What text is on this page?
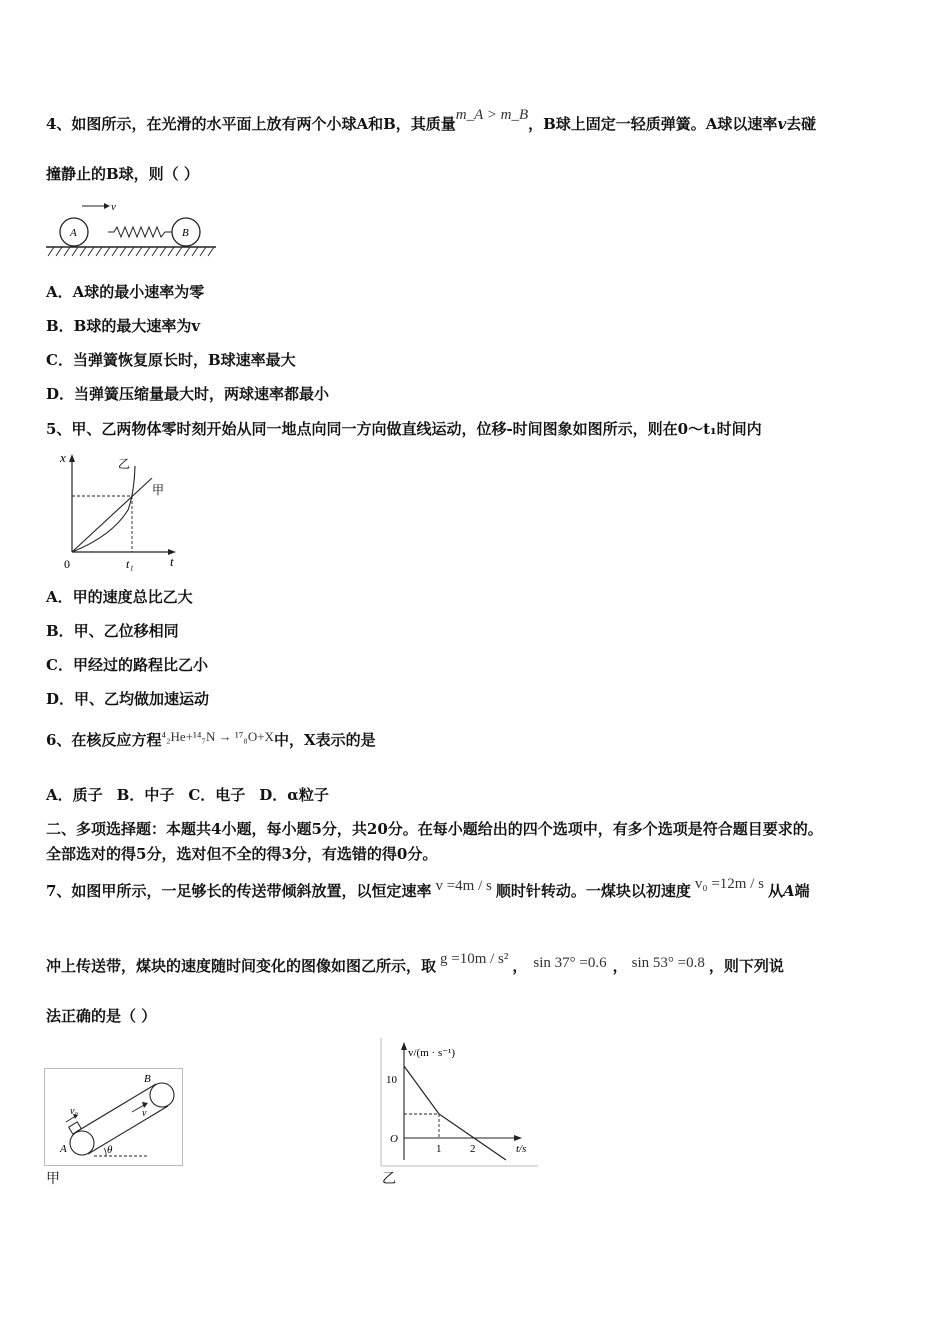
4、如图所示，在光滑的水平面上放有两个小球A和B，其质量m_A > m_B，B球上固定一轻质弹簧。A球以速率v去碰
撞静止的B球，则（ ）
v
A	B
A．A球的最小速率为零
B．B球的最大速率为v
C．当弹簧恢复原长时，B球速率最大
D．当弹簧压缩量最大时，两球速率都最小
5、甲、乙两物体零时刻开始从同一地点向同一方向做直线运动，位移-时间图象如图所示，则在0～t₁时间内
x
t
0	t₁
乙
甲
A．甲的速度总比乙大
B．甲、乙位移相同
C．甲经过的路程比乙小
D．甲、乙均做加速运动
6、在核反应方程⁴₂He+¹⁴₇N → ¹⁷₈O+X中，X表示的是
A．质子 B．中子 C．电子 D．α粒子
二、多项选择题：本题共4小题，每小题5分，共20分。在每小题给出的四个选项中，有多个选项是符合题目要求的。
全部选对的得5分，选对但不全的得3分，有选错的得0分。
7、如图甲所示，一足够长的传送带倾斜放置，以恒定速率 v =4m / s 顺时针转动。一煤块以初速度 v₀ =12m / s 从A端
冲上传送带，煤块的速度随时间变化的图像如图乙所示，取 g =10m / s² ， sin 37° =0.6 ， sin 53° =0.8 ，则下列说
法正确的是（ ）
θ
v₀	v
A
B
甲
v/(m · s⁻¹)
t/s
O
10
1	2
乙
